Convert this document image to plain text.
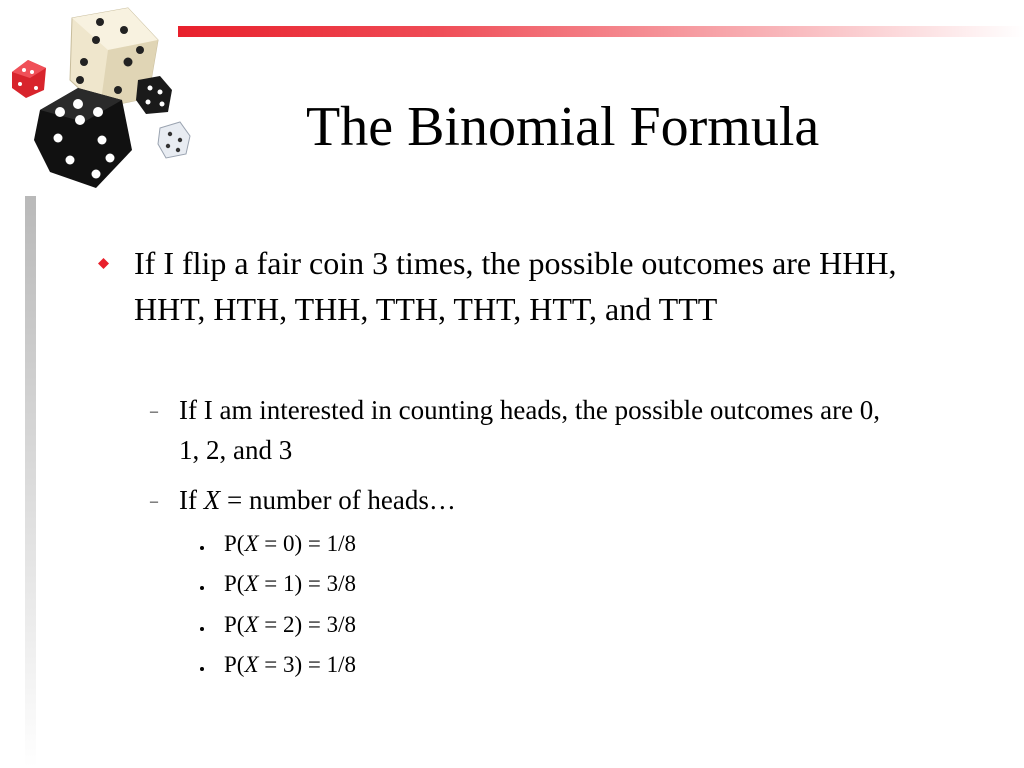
The Binomial Formula
If I flip a fair coin 3 times, the possible outcomes are HHH, HHT, HTH, THH, TTH, THT, HTT, and TTT
– If I am interested in counting heads, the possible outcomes are 0, 1, 2, and 3
– If X = number of heads…
P(X = 0) = 1/8
P(X = 1) = 3/8
P(X = 2) = 3/8
P(X = 3) = 1/8
